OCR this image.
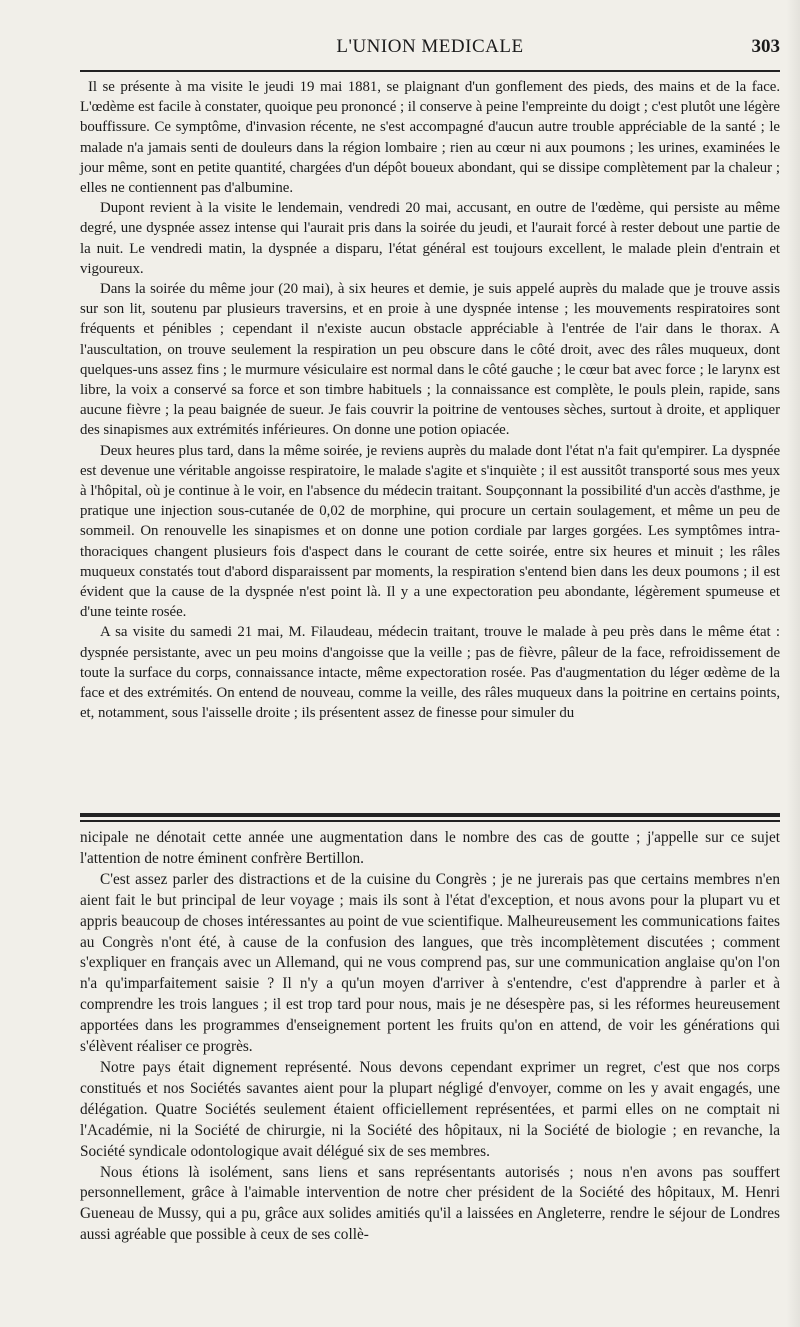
L'UNION MEDICALE	303

Il se présente à ma visite le jeudi 19 mai 1881, se plaignant d'un gonflement des pieds, des mains et de la face. L'œdème est facile à constater, quoique peu prononcé ; il conserve à peine l'empreinte du doigt ; c'est plutôt une légère bouffissure. Ce symptôme, d'invasion récente, ne s'est accompagné d'aucun autre trouble appréciable de la santé ; le malade n'a jamais senti de douleurs dans la région lombaire ; rien au cœur ni aux poumons ; les urines, examinées le jour même, sont en petite quantité, chargées d'un dépôt boueux abondant, qui se dissipe complètement par la chaleur ; elles ne contiennent pas d'albumine.

Dupont revient à la visite le lendemain, vendredi 20 mai, accusant, en outre de l'œdème, qui persiste au même degré, une dyspnée assez intense qui l'aurait pris dans la soirée du jeudi, et l'aurait forcé à rester debout une partie de la nuit. Le vendredi matin, la dyspnée a disparu, l'état général est toujours excellent, le malade plein d'entrain et vigoureux.

Dans la soirée du même jour (20 mai), à six heures et demie, je suis appelé auprès du malade que je trouve assis sur son lit, soutenu par plusieurs traversins, et en proie à une dyspnée intense ; les mouvements respiratoires sont fréquents et pénibles ; cependant il n'existe aucun obstacle appréciable à l'entrée de l'air dans le thorax. A l'auscultation, on trouve seulement la respiration un peu obscure dans le côté droit, avec des râles muqueux, dont quelques-uns assez fins ; le murmure vésiculaire est normal dans le côté gauche ; le cœur bat avec force ; le larynx est libre, la voix a conservé sa force et son timbre habituels ; la connaissance est complète, le pouls plein, rapide, sans aucune fièvre ; la peau baignée de sueur. Je fais couvrir la poitrine de ventouses sèches, surtout à droite, et appliquer des sinapismes aux extrémités inférieures. On donne une potion opiacée.

Deux heures plus tard, dans la même soirée, je reviens auprès du malade dont l'état n'a fait qu'empirer. La dyspnée est devenue une véritable angoisse respiratoire, le malade s'agite et s'inquiète ; il est aussitôt transporté sous mes yeux à l'hôpital, où je continue à le voir, en l'absence du médecin traitant. Soupçonnant la possibilité d'un accès d'asthme, je pratique une injection sous-cutanée de 0,02 de morphine, qui procure un certain soulagement, et même un peu de sommeil. On renouvelle les sinapismes et on donne une potion cordiale par larges gorgées. Les symptômes intra-thoraciques changent plusieurs fois d'aspect dans le courant de cette soirée, entre six heures et minuit ; les râles muqueux constatés tout d'abord disparaissent par moments, la respiration s'entend bien dans les deux poumons ; il est évident que la cause de la dyspnée n'est point là. Il y a une expectoration peu abondante, légèrement spumeuse et d'une teinte rosée.

A sa visite du samedi 21 mai, M. Filaudeau, médecin traitant, trouve le malade à peu près dans le même état : dyspnée persistante, avec un peu moins d'angoisse que la veille ; pas de fièvre, pâleur de la face, refroidissement de toute la surface du corps, connaissance intacte, même expectoration rosée. Pas d'augmentation du léger œdème de la face et des extrémités. On entend de nouveau, comme la veille, des râles muqueux dans la poitrine en certains points, et, notamment, sous l'aisselle droite ; ils présentent assez de finesse pour simuler du

nicipale ne dénotait cette année une augmentation dans le nombre des cas de goutte ; j'appelle sur ce sujet l'attention de notre éminent confrère Bertillon.

C'est assez parler des distractions et de la cuisine du Congrès ; je ne jurerais pas que certains membres n'en aient fait le but principal de leur voyage ; mais ils sont à l'état d'exception, et nous avons pour la plupart vu et appris beaucoup de choses intéressantes au point de vue scientifique. Malheureusement les communications faites au Congrès n'ont été, à cause de la confusion des langues, que très incomplètement discutées ; comment s'expliquer en français avec un Allemand, qui ne vous comprend pas, sur une communication anglaise qu'on l'on n'a qu'imparfaitement saisie ? Il n'y a qu'un moyen d'arriver à s'entendre, c'est d'apprendre à parler et à comprendre les trois langues ; il est trop tard pour nous, mais je ne désespère pas, si les réformes heureusement apportées dans les programmes d'enseignement portent les fruits qu'on en attend, de voir les générations qui s'élèvent réaliser ce progrès.

Notre pays était dignement représenté. Nous devons cependant exprimer un regret, c'est que nos corps constitués et nos Sociétés savantes aient pour la plupart négligé d'envoyer, comme on les y avait engagés, une délégation. Quatre Sociétés seulement étaient officiellement représentées, et parmi elles on ne comptait ni l'Académie, ni la Société de chirurgie, ni la Société des hôpitaux, ni la Société de biologie ; en revanche, la Société syndicale odontologique avait délégué six de ses membres.

Nous étions là isolément, sans liens et sans représentants autorisés ; nous n'en avons pas souffert personnellement, grâce à l'aimable intervention de notre cher président de la Société des hôpitaux, M. Henri Gueneau de Mussy, qui a pu, grâce aux solides amitiés qu'il a laissées en Angleterre, rendre le séjour de Londres aussi agréable que possible à ceux de ses collè-
